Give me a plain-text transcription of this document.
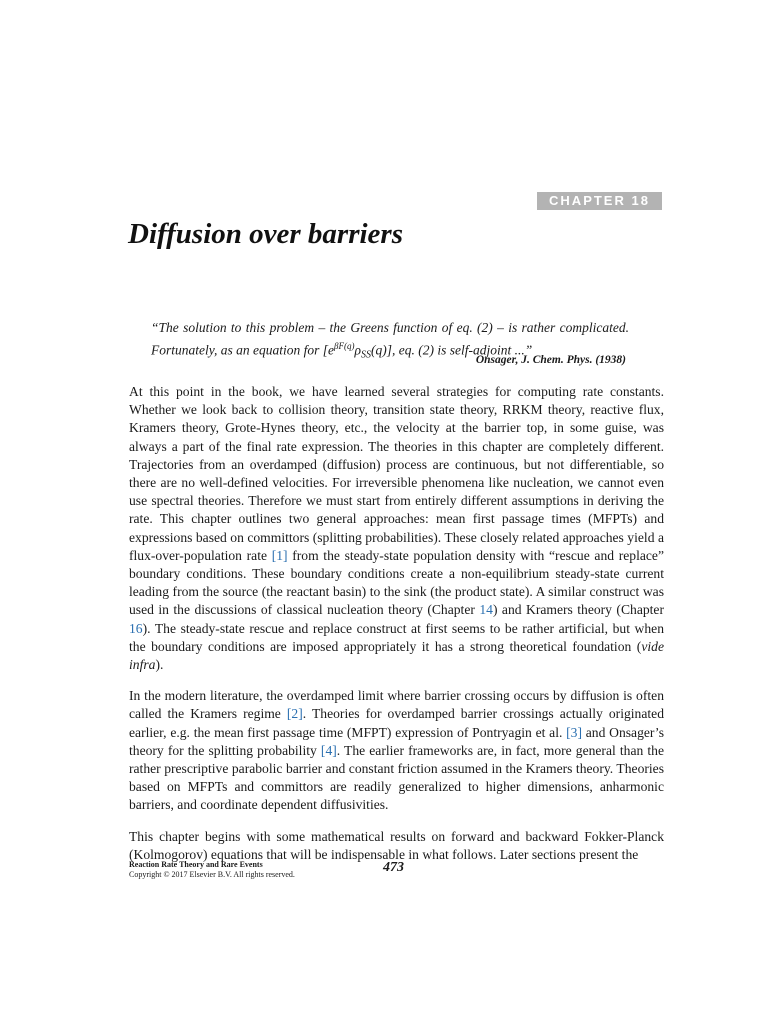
CHAPTER 18
Diffusion over barriers
“The solution to this problem – the Greens function of eq. (2) – is rather complicated. Fortunately, as an equation for $[e^{\beta F(q)}\rho_{SS}(q)]$, eq. (2) is self-adjoint ...”
Onsager, J. Chem. Phys. (1938)

At this point in the book, we have learned several strategies for computing rate constants. Whether we look back to collision theory, transition state theory, RRKM theory, reactive flux, Kramers theory, Grote-Hynes theory, etc., the velocity at the barrier top, in some guise, was always a part of the final rate expression. The theories in this chapter are completely different. Trajectories from an overdamped (diffusion) process are continuous, but not differentiable, so there are no well-defined velocities. For irreversible phenomena like nucleation, we cannot even use spectral theories. Therefore we must start from entirely different assumptions in deriving the rate. This chapter outlines two general approaches: mean first passage times (MFPTs) and expressions based on committors (splitting probabilities). These closely related approaches yield a flux-over-population rate [1] from the steady-state population density with “rescue and replace” boundary conditions. These boundary conditions create a non-equilibrium steady-state current leading from the source (the reactant basin) to the sink (the product state). A similar construct was used in the discussions of classical nucleation theory (Chapter 14) and Kramers theory (Chapter 16). The steady-state rescue and replace construct at first seems to be rather artificial, but when the boundary conditions are imposed appropriately it has a strong theoretical foundation (vide infra).

In the modern literature, the overdamped limit where barrier crossing occurs by diffusion is often called the Kramers regime [2]. Theories for overdamped barrier crossings actually originated earlier, e.g. the mean first passage time (MFPT) expression of Pontryagin et al. [3] and Onsager’s theory for the splitting probability [4]. The earlier frameworks are, in fact, more general than the rather prescriptive parabolic barrier and constant friction assumed in the Kramers theory. Theories based on MFPTs and committors are readily generalized to higher dimensions, anharmonic barriers, and coordinate dependent diffusivities.

This chapter begins with some mathematical results on forward and backward Fokker-Planck (Kolmogorov) equations that will be indispensable in what follows. Later sections present the

Reaction Rate Theory and Rare Events
Copyright © 2017 Elsevier B.V. All rights reserved.	473
